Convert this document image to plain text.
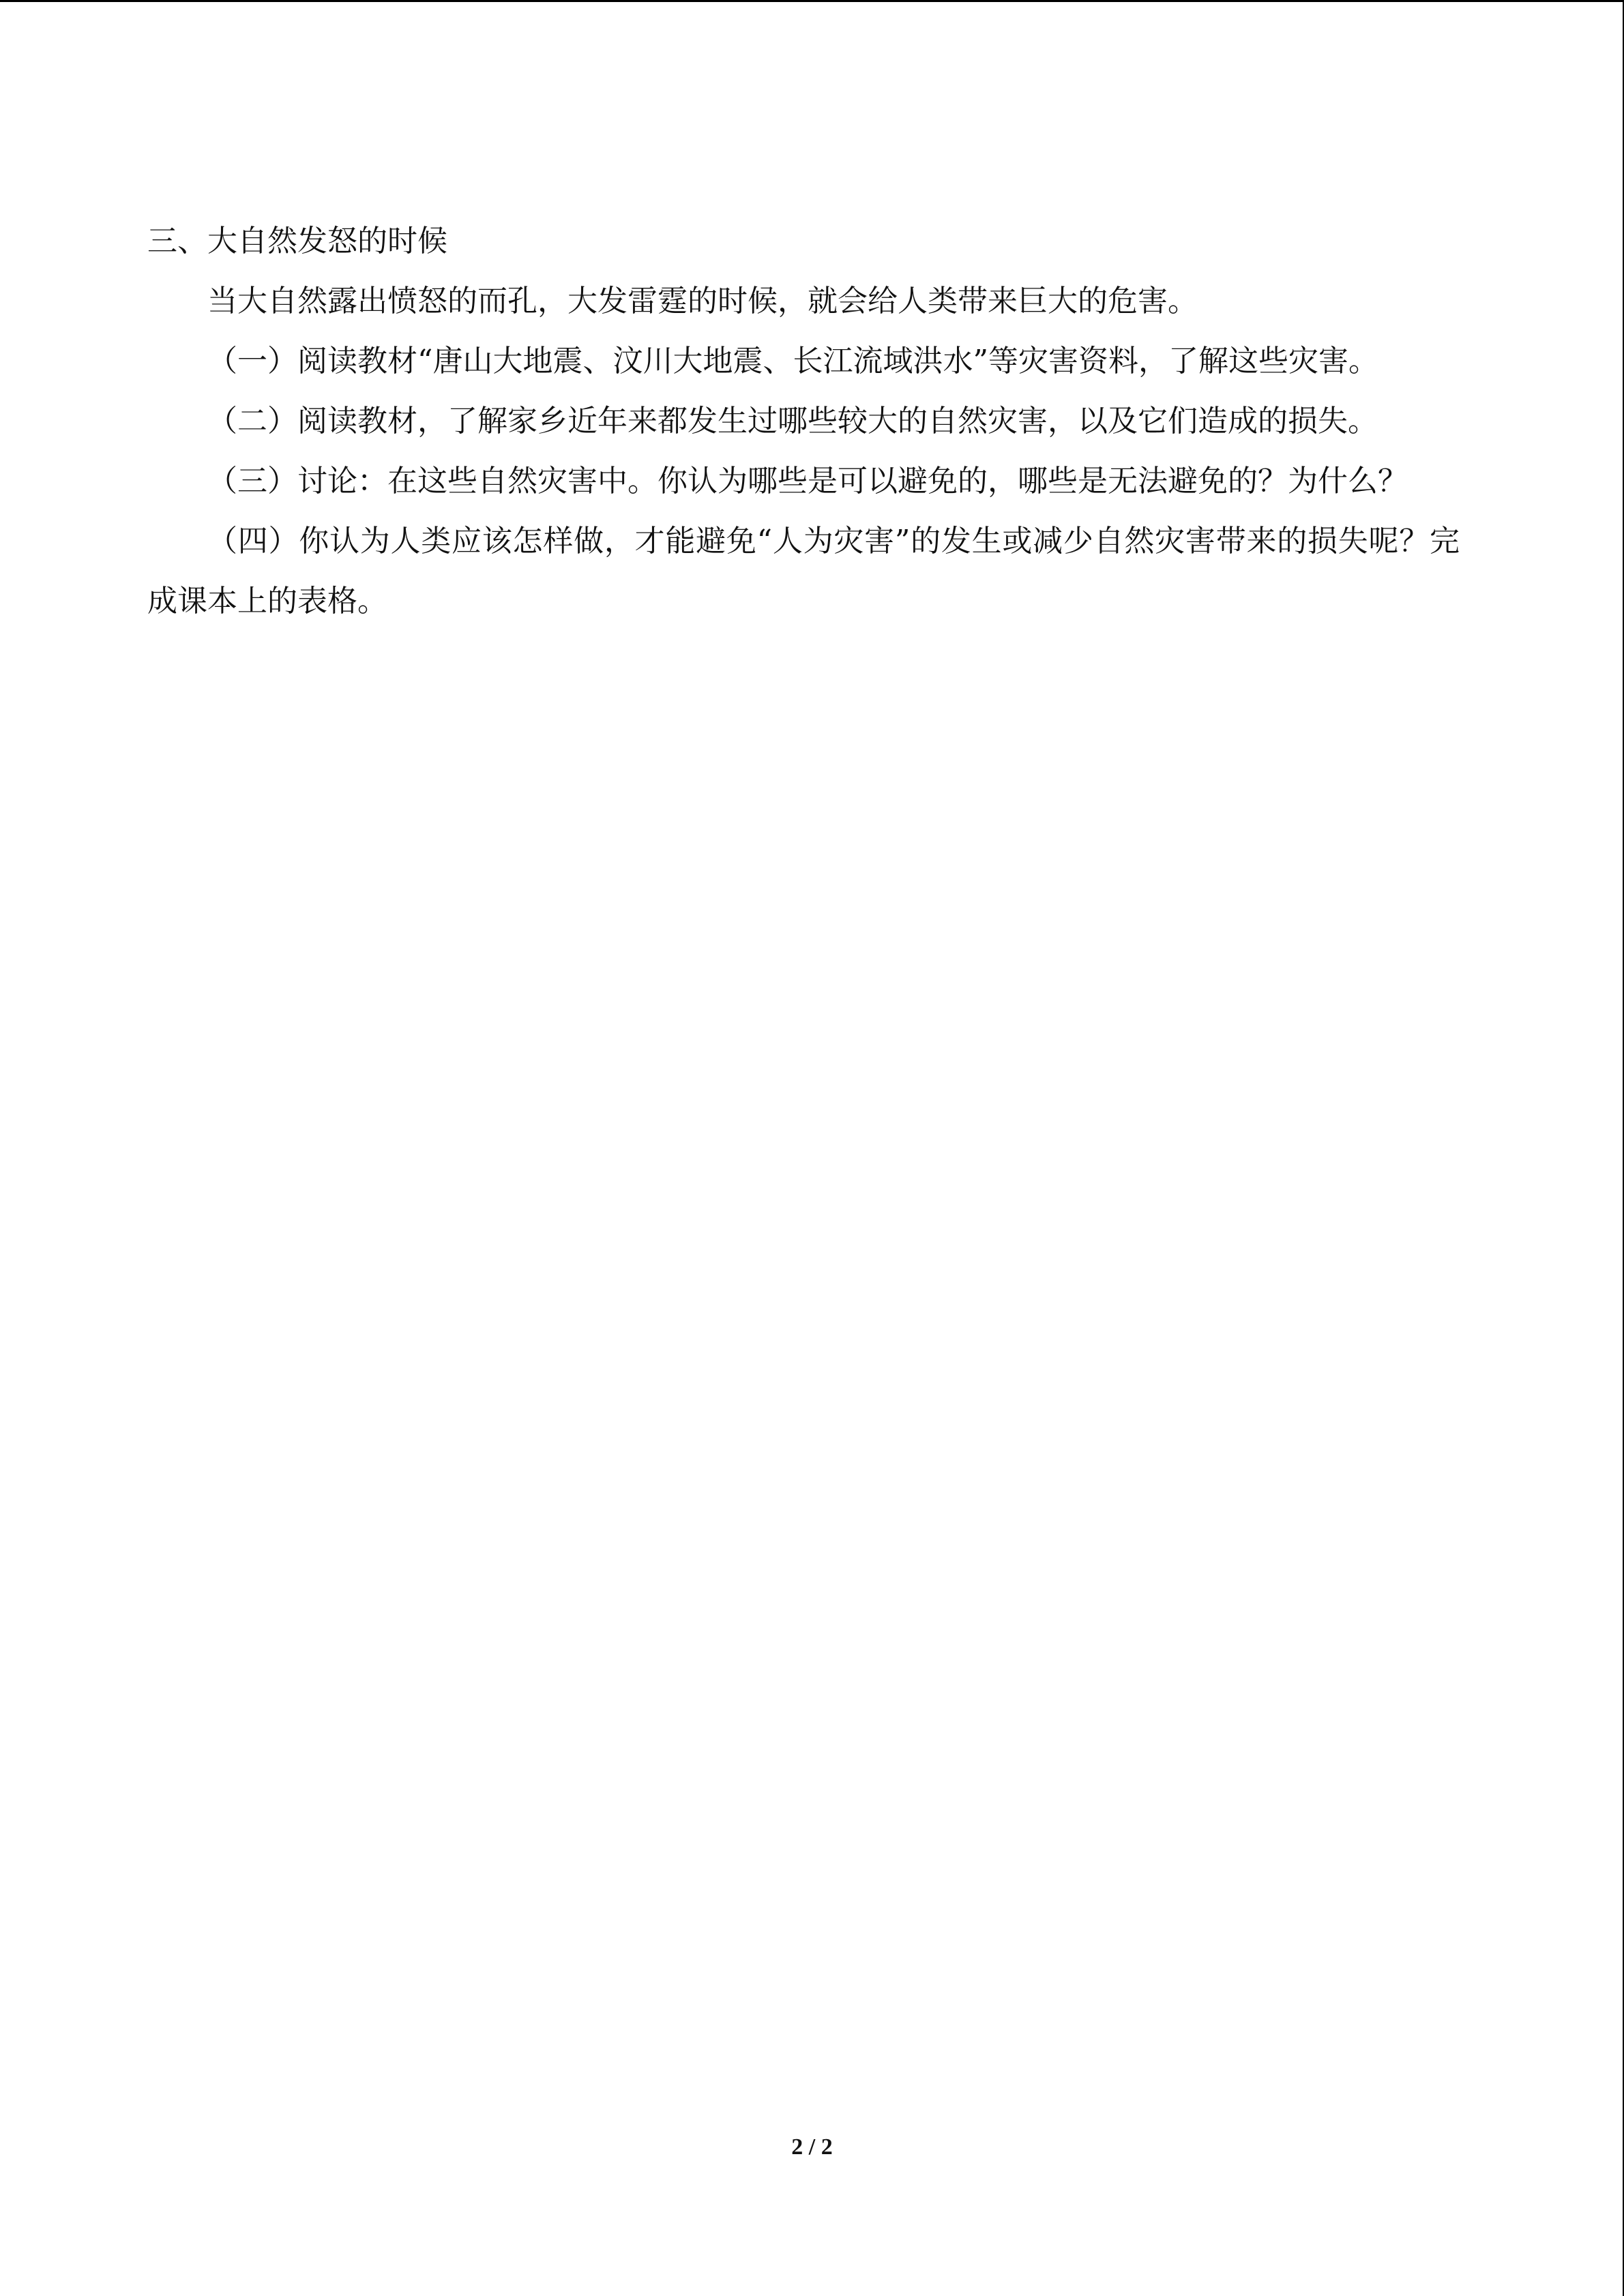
三、大自然发怒的时候

当大自然露出愤怒的而孔，大发雷霆的时候，就会给人类带来巨大的危害。

（一）阅读教材“唐山大地震、汶川大地震、长江流域洪水”等灾害资料，了解这些灾害。

（二）阅读教材，了解家乡近年来都发生过哪些较大的自然灾害，以及它们造成的损失。

（三）讨论：在这些自然灾害中。你认为哪些是可以避免的，哪些是无法避免的？为什么？

（四）你认为人类应该怎样做，才能避免“人为灾害”的发生或减少自然灾害带来的损失呢？完成课本上的表格。

2 / 2
